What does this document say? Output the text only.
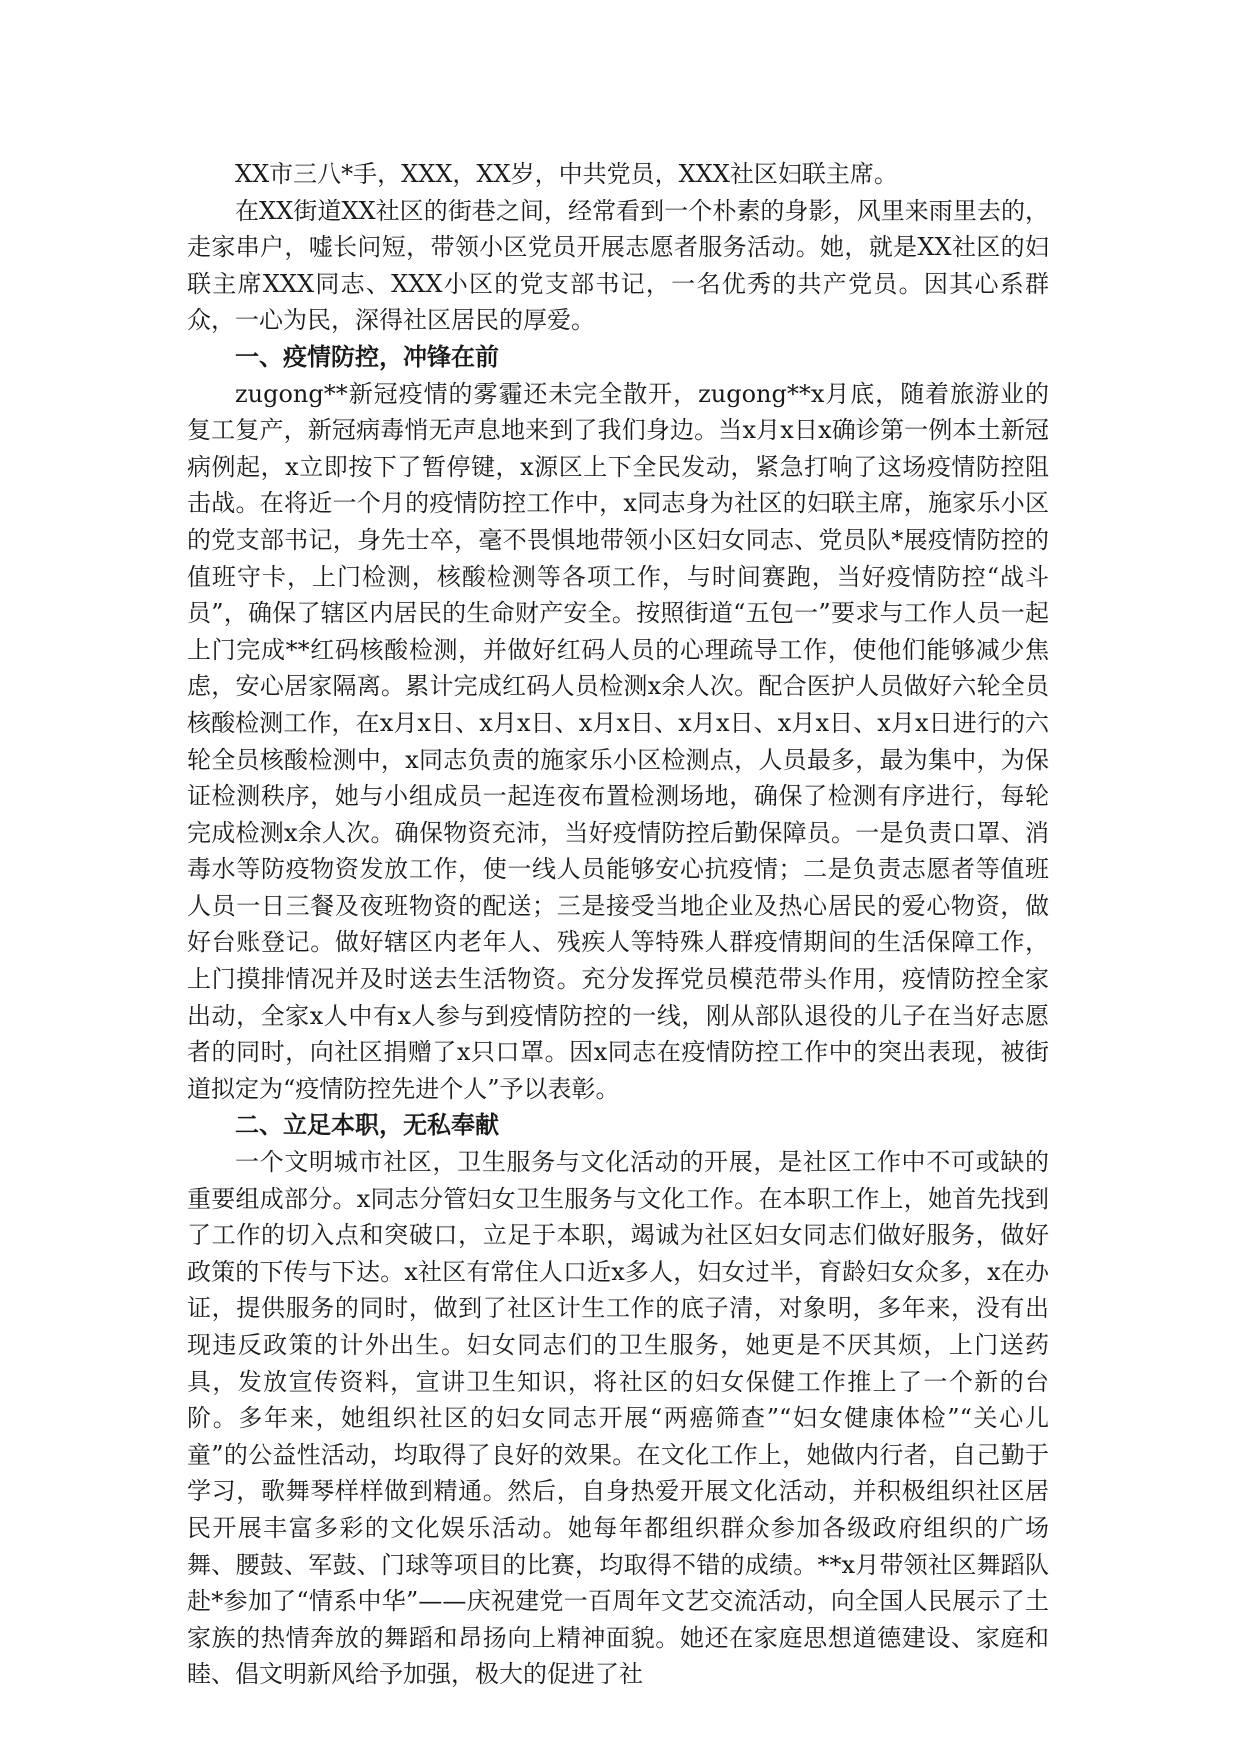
XX市三八*手，XXX，XX岁，中共党员，XXX社区妇联主席。

在XX街道XX社区的街巷之间，经常看到一个朴素的身影，风里来雨里去的，走家串户，嘘长问短，带领小区党员开展志愿者服务活动。她，就是XX社区的妇联主席XXX同志、XXX小区的党支部书记，一名优秀的共产党员。因其心系群众，一心为民，深得社区居民的厚爱。

一、疫情防控，冲锋在前

zugong**新冠疫情的雾霾还未完全散开，zugong**x月底，随着旅游业的复工复产，新冠病毒悄无声息地来到了我们身边。当x月x日x确诊第一例本土新冠病例起，x立即按下了暂停键，x源区上下全民发动，紧急打响了这场疫情防控阻击战。在将近一个月的疫情防控工作中，x同志身为社区的妇联主席，施家乐小区的党支部书记，身先士卒，毫不畏惧地带领小区妇女同志、党员队*展疫情防控的值班守卡，上门检测，核酸检测等各项工作，与时间赛跑，当好疫情防控“战斗员”，确保了辖区内居民的生命财产安全。按照街道“五包一”要求与工作人员一起上门完成**红码核酸检测，并做好红码人员的心理疏导工作，使他们能够减少焦虑，安心居家隔离。累计完成红码人员检测x余人次。配合医护人员做好六轮全员核酸检测工作，在x月x日、x月x日、x月x日、x月x日、x月x日、x月x日进行的六轮全员核酸检测中，x同志负责的施家乐小区检测点，人员最多，最为集中，为保证检测秩序，她与小组成员一起连夜布置检测场地，确保了检测有序进行，每轮完成检测x余人次。确保物资充沛，当好疫情防控后勤保障员。一是负责口罩、消毒水等防疫物资发放工作，使一线人员能够安心抗疫情；二是负责志愿者等值班人员一日三餐及夜班物资的配送；三是接受当地企业及热心居民的爱心物资，做好台账登记。做好辖区内老年人、残疾人等特殊人群疫情期间的生活保障工作，上门摸排情况并及时送去生活物资。充分发挥党员模范带头作用，疫情防控全家出动，全家x人中有x人参与到疫情防控的一线，刚从部队退役的儿子在当好志愿者的同时，向社区捐赠了x只口罩。因x同志在疫情防控工作中的突出表现，被街道拟定为“疫情防控先进个人”予以表彰。

二、立足本职，无私奉献

一个文明城市社区，卫生服务与文化活动的开展，是社区工作中不可或缺的重要组成部分。x同志分管妇女卫生服务与文化工作。在本职工作上，她首先找到了工作的切入点和突破口，立足于本职，竭诚为社区妇女同志们做好服务，做好政策的下传与下达。x社区有常住人口近x多人，妇女过半，育龄妇女众多，x在办证，提供服务的同时，做到了社区计生工作的底子清，对象明，多年来，没有出现违反政策的计外出生。妇女同志们的卫生服务，她更是不厌其烦，上门送药具，发放宣传资料，宣讲卫生知识，将社区的妇女保健工作推上了一个新的台阶。多年来，她组织社区的妇女同志开展“两癌筛查”“妇女健康体检”“关心儿童”的公益性活动，均取得了良好的效果。在文化工作上，她做内行者，自己勤于学习，歌舞琴样样做到精通。然后，自身热爱开展文化活动，并积极组织社区居民开展丰富多彩的文化娱乐活动。她每年都组织群众参加各级政府组织的广场舞、腰鼓、军鼓、门球等项目的比赛，均取得不错的成绩。**x月带领社区舞蹈队赴*参加了“情系中华”——庆祝建党一百周年文艺交流活动，向全国人民展示了土家族的热情奔放的舞蹈和昂扬向上精神面貌。她还在家庭思想道德建设、家庭和睦、倡文明新风给予加强，极大的促进了社
